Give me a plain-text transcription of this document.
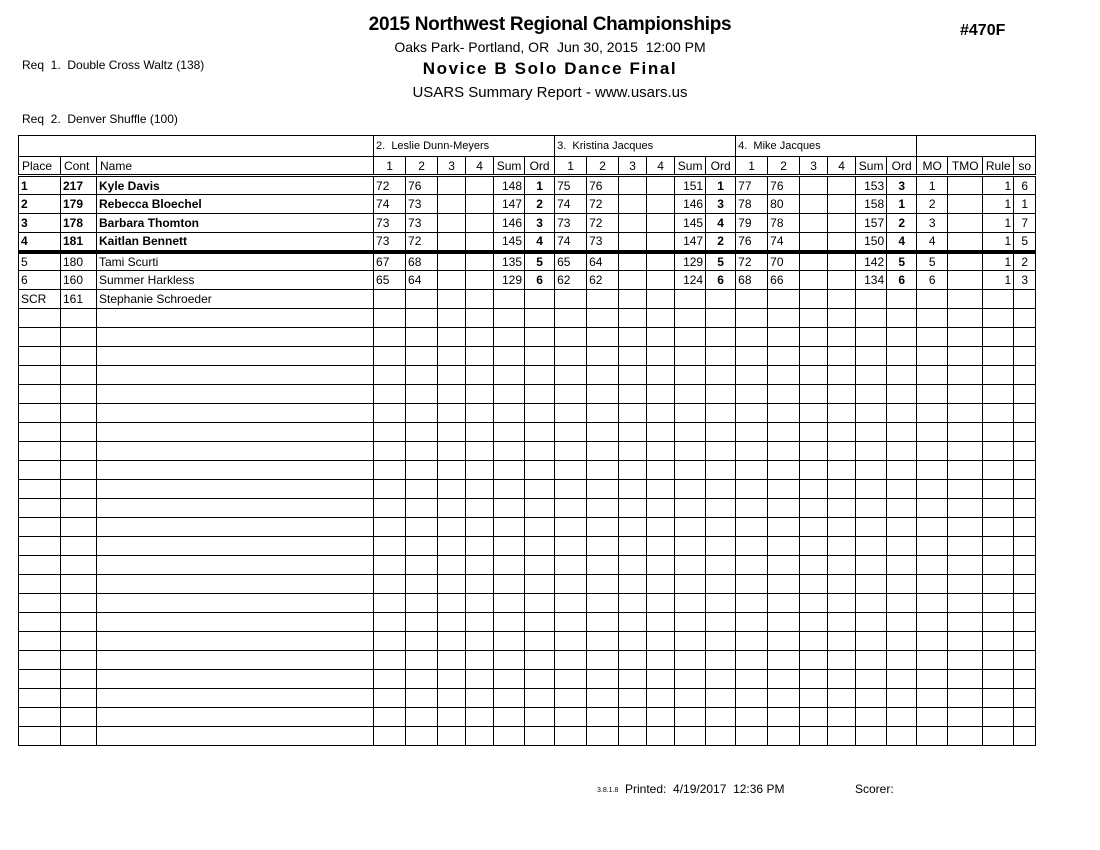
Req  1.  Double Cross Waltz (138)

Req  2.  Denver Shuffle (100)

2015 Northwest Regional Championships
Oaks Park- Portland, OR  Jun 30, 2015  12:00 PM
Novice B Solo Dance Final
USARS Summary Report - www.usars.us
#470F
			2.  Leslie Dunn-Meyers						3.  Kristina Jacques						4.  Mike Jacques									
Place	Cont	Name	1	2	3	4	Sum	Ord	1	2	3	4	Sum	Ord	1	2	3	4	Sum	Ord	MO	TMO	Rule	so
1	217	Kyle Davis	72	76			148	1	75	76			151	1	77	76			153	3	1		1	6
2	179	Rebecca Bloechel	74	73			147	2	74	72			146	3	78	80			158	1	2		1	1
3	178	Barbara Thomton	73	73			146	3	73	72			145	4	79	78			157	2	3		1	7
4	181	Kaitlan Bennett	73	72			145	4	74	73			147	2	76	74			150	4	4		1	5
5	180	Tami Scurti	67	68			135	5	65	64			129	5	72	70			142	5	5		1	2
6	160	Summer Harkless	65	64			129	6	62	62			124	6	68	66			134	6	6		1	3
SCR	161	Stephanie Schroeder																						

3.8.1.8 Printed:  4/19/2017  12:36 PM	Scorer:
